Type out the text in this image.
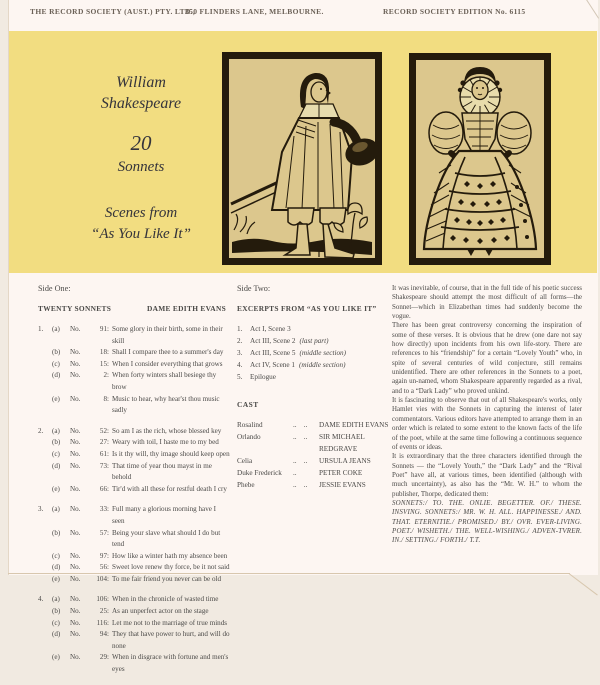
THE RECORD SOCIETY (AUST.) PTY. LTD.,
350 FLINDERS LANE, MELBOURNE.	RECORD SOCIETY EDITION No. 6115
William
Shakespeare
20
Sonnets
Scenes from
“As You Like It”
Side One:
TWENTY SONNETS	DAME EDITH EVANS
1.	(a)	No.	91: Some glory in their birth, some in their skill
(b)	No.	18: Shall I compare thee to a summer's day
(c)	No.	15: When I consider everything that grows
(d)	No.	2: When forty winters shall besiege thy brow
(e)	No.	8: Music to hear, why hear'st thou music sadly
2.	(a)	No.	52: So am I as the rich, whose blessed key
(b)	No.	27: Weary with toil, I haste me to my bed
(c)	No.	61: Is it thy will, thy image should keep open
(d)	No.	73: That time of year thou mayst in me behold
(e)	No.	66: Tir'd with all these for restful death I cry
3.	(a)	No.	33: Full many a glorious morning have I seen
(b)	No.	57: Being your slave what should I do but tend
(c)	No.	97: How like a winter hath my absence been
(d)	No.	56: Sweet love renew thy force, be it not said
(e)	No.	104: To me fair friend you never can be old
4.	(a)	No.	106: When in the chronicle of wasted time
(b)	No.	25: As an unperfect actor on the stage
(c)	No.	116: Let me not to the marriage of true minds
(d)	No.	94: They that have power to hurt, and will do none
(e)	No.	29: When in disgrace with fortune and men's eyes
Side Two:
EXCERPTS FROM “AS YOU LIKE IT”
1.	Act I, Scene 3
2.	Act III, Scene 2 (last part)
3.	Act III, Scene 5 (middle section)
4.	Act IV, Scene 1 (middle section)
5.	Epilogue
CAST
Rosalind	.. ..	DAME EDITH EVANS
Orlando	.. ..	SIR MICHAEL REDGRAVE
Celia	.. ..	URSULA JEANS
Duke Frederick	..	PETER COKE
Phebe	.. ..	JESSIE EVANS

It was inevitable, of course, that in the full tide of his poetic success Shakespeare should attempt the most difficult of all forms—the Sonnet—which in Elizabethan times had suddenly become the vogue.

There has been great controversy concerning the inspiration of some of these verses. It is obvious that he drew (one dare not say how directly) upon incidents from his own life-story. There are references to his “friendship” for a certain “Lovely Youth” who, in spite of several centuries of wild conjecture, still remains unidentified. There are other references in the Sonnets to a poet, again un-named, whom Shakespeare apparently regarded as a rival, and to a “Dark Lady” who proved unkind.

It is fascinating to observe that out of all Shakespeare's works, only Hamlet vies with the Sonnets in capturing the interest of later commentators. Various editors have attempted to arrange them in an order which is related to some extent to the known facts of the life of the poet, while at the same time following a continuous sequence of events or ideas.

It is extraordinary that the three characters identified through the Sonnets — the “Lovely Youth,” the “Dark Lady” and the “Rival Poet” have all, at various times, been identified (although with much uncertainty), as also has the “Mr. W. H.” to whom the publisher, Thorpe, dedicated them:

SONNETS:/ TO. THE. ONLIE. BEGETTER. OF./ THESE. INSVING. SONNETS:/ MR. W. H. ALL. HAPPINESSE./ AND. THAT. ETERNITIE./ PROMISED./ BY./ OVR. EVER-LIVING. POET./ WISHETH./ THE. WELL-WISHING./ ADVEN-TVRER. IN./ SETTING./ FORTH./ T.T.
